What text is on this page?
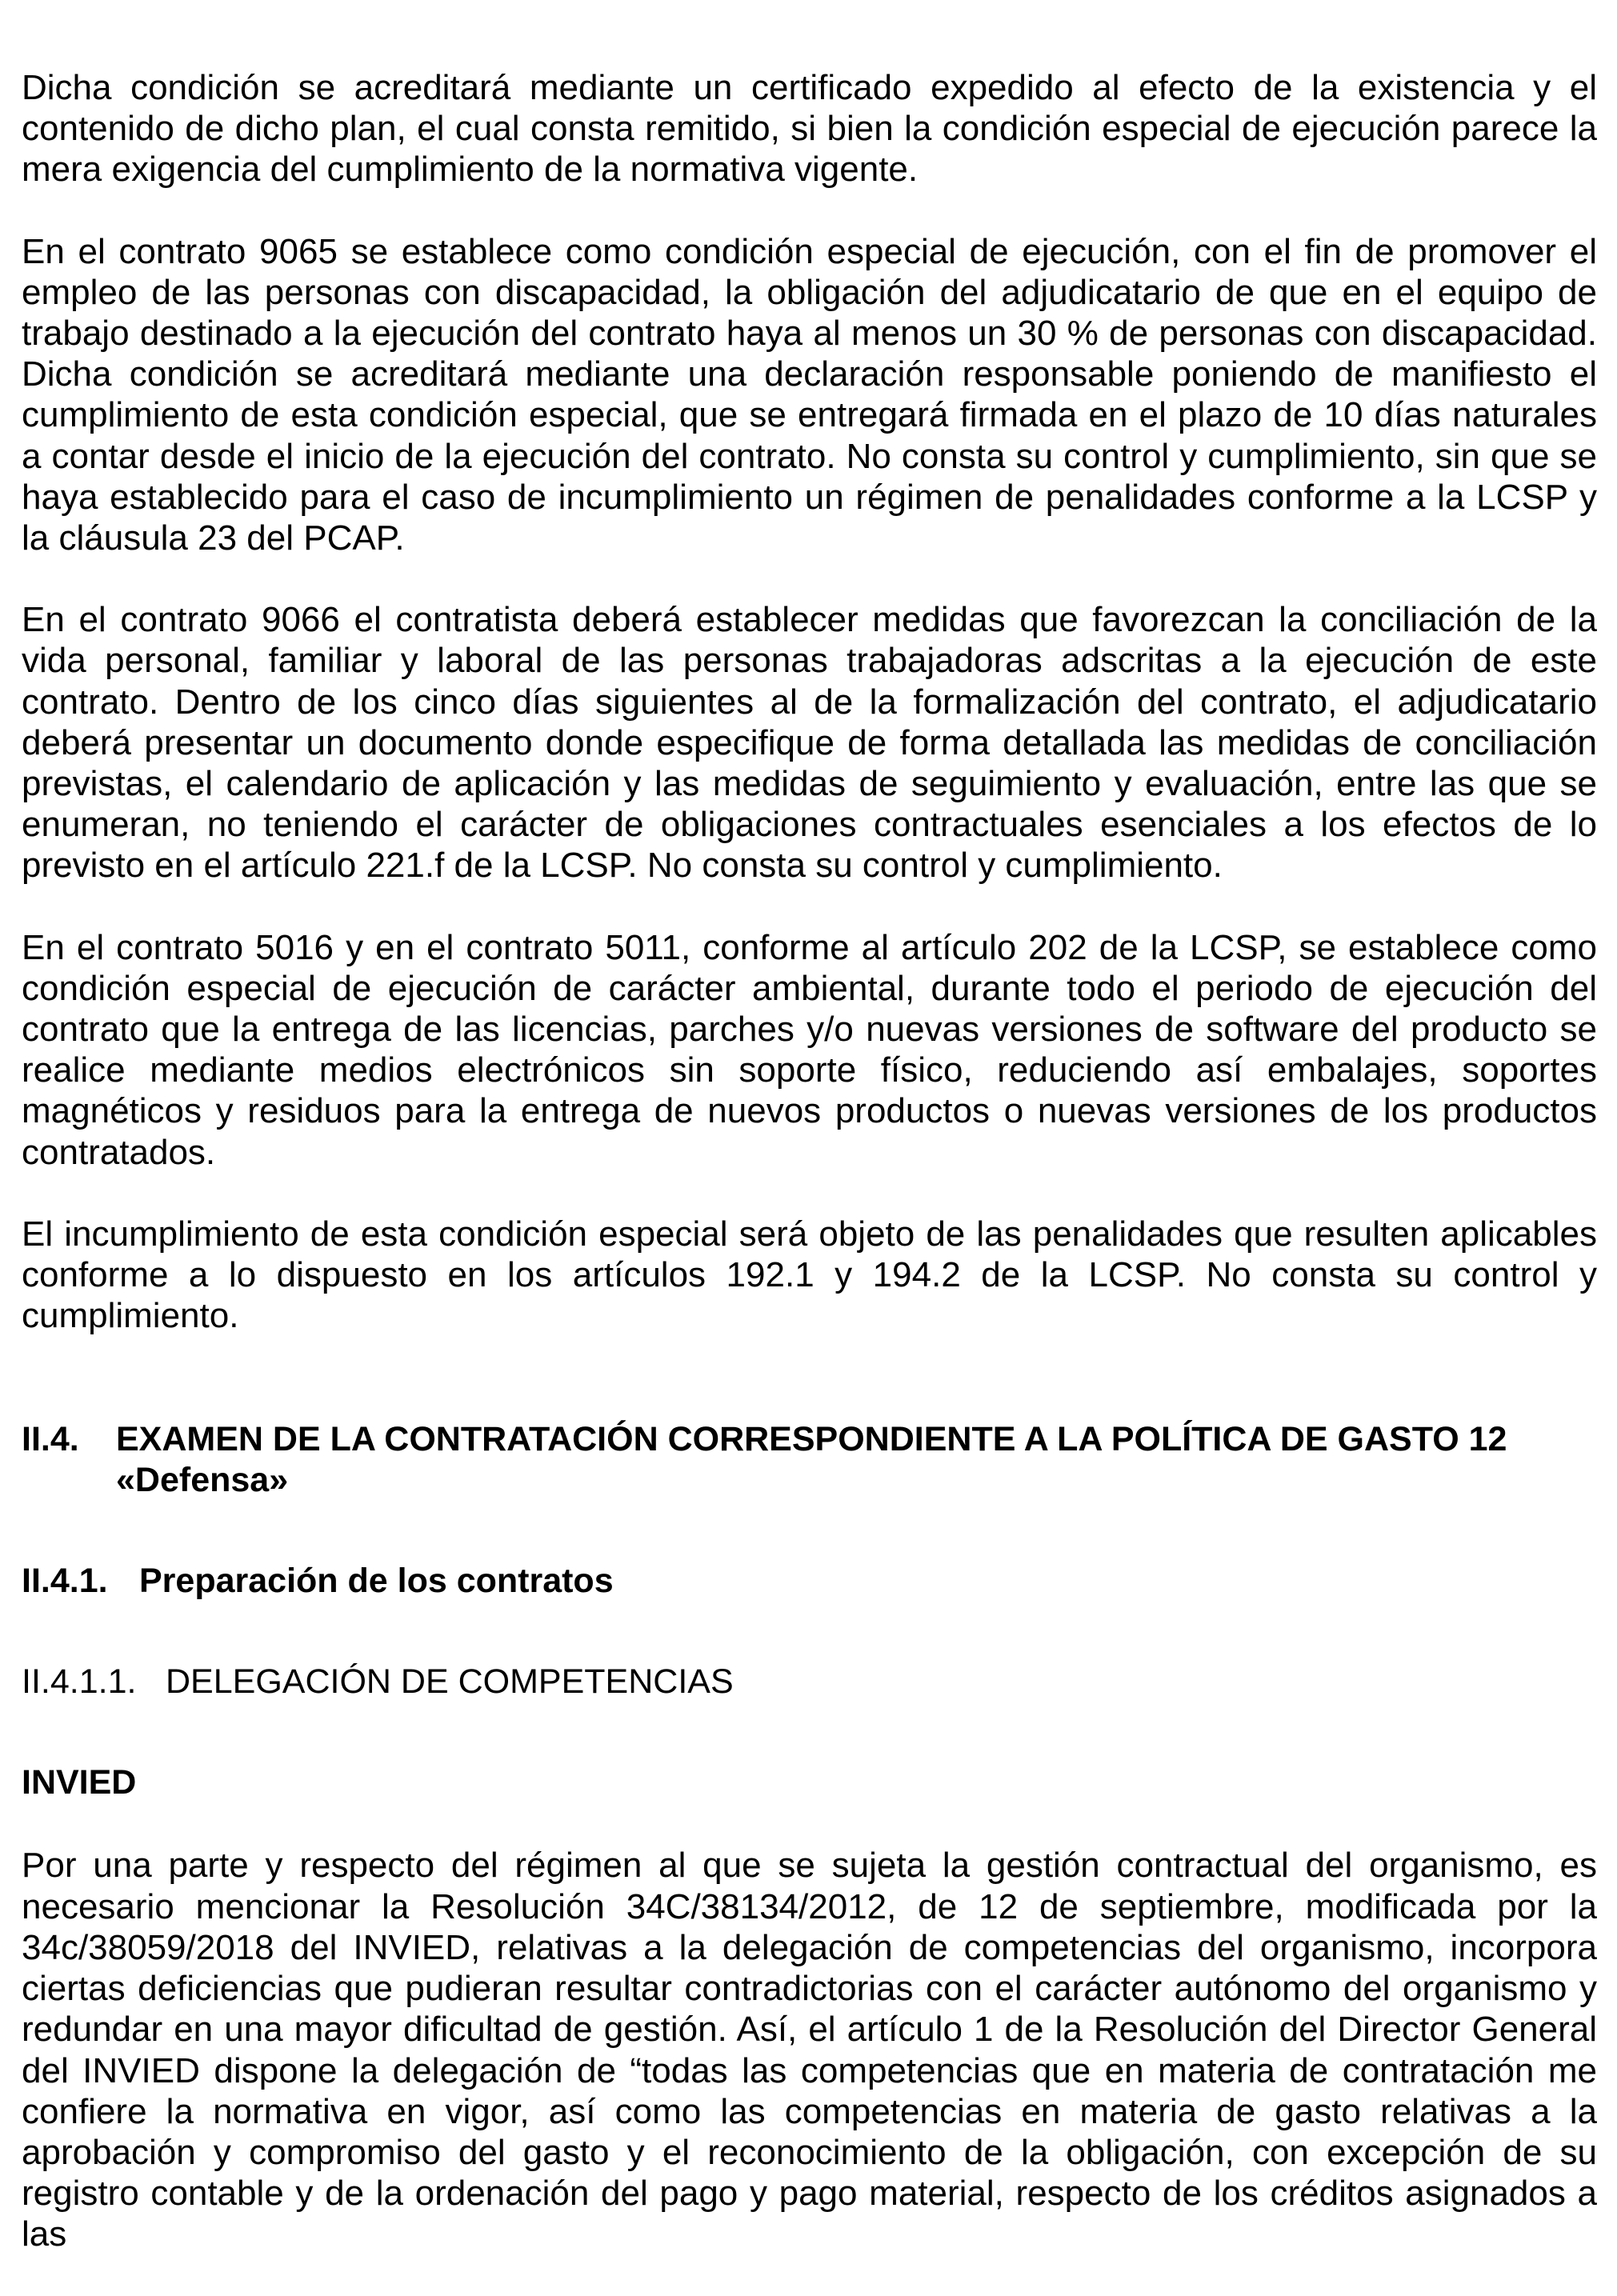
Dicha condición se acreditará mediante un certificado expedido al efecto de la existencia y el contenido de dicho plan, el cual consta remitido, si bien la condición especial de ejecución parece la mera exigencia del cumplimiento de la normativa vigente.

En el contrato 9065 se establece como condición especial de ejecución, con el fin de promover el empleo de las personas con discapacidad, la obligación del adjudicatario de que en el equipo de trabajo destinado a la ejecución del contrato haya al menos un 30 % de personas con discapacidad. Dicha condición se acreditará mediante una declaración responsable poniendo de manifiesto el cumplimiento de esta condición especial, que se entregará firmada en el plazo de 10 días naturales a contar desde el inicio de la ejecución del contrato. No consta su control y cumplimiento, sin que se haya establecido para el caso de incumplimiento un régimen de penalidades conforme a la LCSP y la cláusula 23 del PCAP.

En el contrato 9066 el contratista deberá establecer medidas que favorezcan la conciliación de la vida personal, familiar y laboral de las personas trabajadoras adscritas a la ejecución de este contrato. Dentro de los cinco días siguientes al de la formalización del contrato, el adjudicatario deberá presentar un documento donde especifique de forma detallada las medidas de conciliación previstas, el calendario de aplicación y las medidas de seguimiento y evaluación, entre las que se enumeran, no teniendo el carácter de obligaciones contractuales esenciales a los efectos de lo previsto en el artículo 221.f de la LCSP. No consta su control y cumplimiento.

En el contrato 5016 y en el contrato 5011, conforme al artículo 202 de la LCSP, se establece como condición especial de ejecución de carácter ambiental, durante todo el periodo de ejecución del contrato que la entrega de las licencias, parches y/o nuevas versiones de software del producto se realice mediante medios electrónicos sin soporte físico, reduciendo así embalajes, soportes magnéticos y residuos para la entrega de nuevos productos o nuevas versiones de los productos contratados.

El incumplimiento de esta condición especial será objeto de las penalidades que resulten aplicables conforme a lo dispuesto en los artículos 192.1 y 194.2 de la LCSP. No consta su control y cumplimiento.

II.4.	EXAMEN DE LA CONTRATACIÓN CORRESPONDIENTE A LA POLÍTICA DE GASTO 12 «Defensa»
II.4.1. Preparación de los contratos
II.4.1.1. DELEGACIÓN DE COMPETENCIAS
INVIED

Por una parte y respecto del régimen al que se sujeta la gestión contractual del organismo, es necesario mencionar la Resolución 34C/38134/2012, de 12 de septiembre, modificada por la 34c/38059/2018 del INVIED, relativas a la delegación de competencias del organismo, incorpora ciertas deficiencias que pudieran resultar contradictorias con el carácter autónomo del organismo y redundar en una mayor dificultad de gestión. Así, el artículo 1 de la Resolución del Director General del INVIED dispone la delegación de “todas las competencias que en materia de contratación me confiere la normativa en vigor, así como las competencias en materia de gasto relativas a la aprobación y compromiso del gasto y el reconocimiento de la obligación, con excepción de su registro contable y de la ordenación del pago y pago material, respecto de los créditos asignados a las
